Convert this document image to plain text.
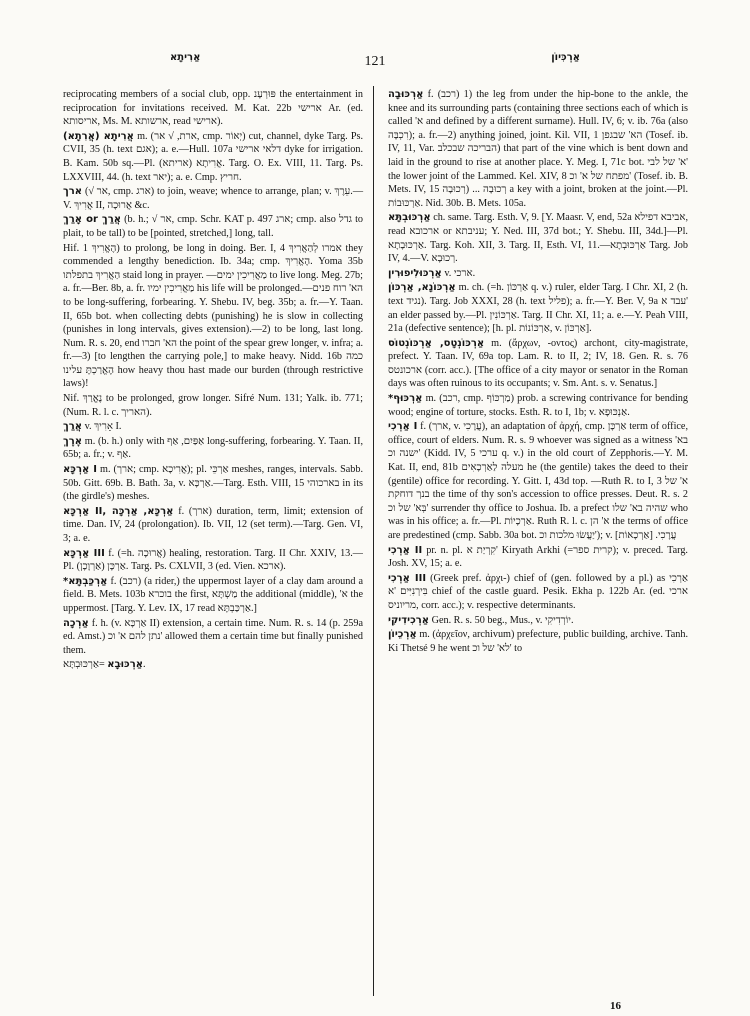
אַרִיתָא	121	אַרְכִּיוֹן

reciprocating members of a social club, opp. פּוּרְעָנ the entertainment in reciprocation for invitations received. M. Kat. 22b ארישי Ar. (ed. אריסותא, Ms. M. ארשותא, read ארישי).

אֲרִיתָא (אֲרִתָא) m. (ארת, √ אר, cmp. יְאוֹר) cut, channel, dyke Targ. Ps. CVII, 35 (h. text אגם); a. e.—Hull. 107a דלאי ארישי dyke for irrigation. B. Kam. 50b sq.—Pl. אֲרִיתָא (אריתא). Targ. O. Ex. VIII, 11. Targ. Ps. LXXVIII, 44. (h. text יאר); a. e. Cmp. חריץ.

ארך (√ אר, cmp. ארג) to join, weave; whence to arrange, plan; v. עֵרֶךְ.—V. אֲרִיךְ II, אֲרוּכָה &c.

אָרַךְ or אֲרַךְ (b. h.; √ אר, cmp. Schr. KAT p. 497 ארג; cmp. also גדל to plait, to be tall) to be [pointed, stretched,] long, tall.

Hif. הֶאֱרִיךְ 1) to prolong, be long in doing. Ber. I, 4 אמרו לְהַאֲרִיךְ they commended a lengthy benediction. Ib. 34a; cmp. הֶאֱרִיךְ. Yoma 35b הַאֲרִיךְ בתפלתו staid long in prayer. —מַאֲרִיכִין ימים to live long. Meg. 27b; a. fr.—Ber. 8b, a. fr. מַאֲרִיכִין ימיו his life will be prolonged.—הא' רוח פנים to be long-suffering, forbearing. Y. Shebu. IV, beg. 35b; a. fr.—Y. Taan. II, 65b bot. when collecting debts (punishing) he is slow in collecting (punishes in long intervals, gives extension).—2) to be long, last long. Num. R. s. 20, end הא' חברו the point of the spear grew longer, v. infra; a. fr.—3) [to lengthen the carrying pole,] to make heavy. Nidd. 16b כמה הֶאֱרַכְתָּ עלינו how heavy thou hast made our burden (through restrictive laws)!

Nif. נֶאֱרַךְ to be prolonged, grow longer. Sifré Num. 131; Yalk. ib. 771; (Num. R. l. c. האריך).

אֲרַךְ v. אָרִיךְ I.

אֶרֶךְ m. (b. h.) only with אַפַּיִם, אַף long-suffering, forbearing. Y. Taan. II, 65b; a. fr.; v. אַף.

אַרְכָּא I m. (ארך; cmp. אֲרִיכָא); pl. אַרְכֵּי meshes, ranges, intervals. Sabb. 50b. Gitt. 69b. B. Bath. 3a, v. אַרְכָּא.—Targ. Esth. VIII, 15 בארכוהי in its (the girdle's) meshes.

אַרְכָּא II, אַרְכָּא, אַרְכָּה f. (ארך) duration, term, limit; extension of time. Dan. IV, 24 (prolongation). Ib. VII, 12 (set term).—Targ. Gen. VI, 3; a. e.

אַרְכָּא III f. (=h. אֲרוּכָה) healing, restoration. Targ. II Chr. XXIV, 13.—Pl. אַרְכָּן (אַרְוָכָן). Targ. Ps. CXLVII, 3 (ed. Vien. ארכא).

*אַרְכַּבְתָּא f. (רכב) (a rider,) the uppermost layer of a clay dam around a field. B. Mets. 103b בוכרא the first, מַשְׁתָּא the additional (middle), 'א the uppermost. [Targ. Y. Lev. IX, 17 read אַרְכַּבְתָּא.]

אַרְכָה f. h. (v. אַרְכָּא II) extension, a certain time. Num. R. s. 14 (p. 259a ed. Amst.) נתן להם א' וכ' allowed them a certain time but finally punished them.

אַרְכּוּבָא =אַרְכּוּבְתָּא.

אַרְכּוּבָה f. (רכב) 1) the leg from under the hip-bone to the ankle, the knee and its surrounding parts (containing three sections each of which is called 'א and defined by a different surname). Hull. IV, 6; v. ib. 76a (also רִכְבָּה); a. fr.—2) anything joined, joint. Kil. VII, 1 הא' שבגפן (Tosef. ib. IV, 11, Var. הבריכה שבכלב) that part of the vine which is bent down and laid in the ground to rise at another place. Y. Meg. I, 71c bot. א' של לבי' the lower joint of the Lammed. Kel. XIV, 8 מפתח של א' וכ' (Tosef. ib. B. Mets. IV, 15 רְכוּבָה ... (רְכוּבָה a key with a joint, broken at the joint.—Pl. אַרְכּוּבוֹת. Nid. 30b. B. Mets. 105a.

אַרְכּוּבְתָּא ch. same. Targ. Esth. V, 9. [Y. Maasr. V, end, 52a אביבא דפילא, read ארכובא or עניבתא; Y. Ned. III, 37d bot.; Y. Shebu. III, 34d.]—Pl. אַרְכּוּבָתָא. Targ. Koh. XII, 3. Targ. II, Esth. VI, 11.—אַרְכּוּבְתָא Targ. Job IV, 4.—V. רְכוּבָא.

אַרְכּוּלִיפוּרִין v. ארכי.

אַרְכּוֹנָא, אַרְכּוֹן m. ch. (=h. אַרְכּוֹן q. v.) ruler, elder Targ. I Chr. XI, 2 (h. text נגיד). Targ. Job XXXI, 28 (h. text פליל); a. fr.—Y. Ber. V, 9a עבד א' an elder passed by.—Pl. אַרְכּוֹנִין. Targ. II Chr. XI, 11; a. e.—Y. Peah VIII, 21a (defective sentence); [h. pl. אַרְכּוֹנוֹת, v. אַרְכּוֹן].

אַרְכּוֹנְטָס, אַרְכּוֹנְטוֹס m. (ἄρχων, -οντος) archont, city-magistrate, prefect. Y. Taan. IV, 69a top. Lam. R. to II, 2; IV, 18. Gen. R. s. 76 ארכונטס (corr. acc.). [The office of a city mayor or senator in the Roman days was often ruinous to its occupants; v. Sm. Ant. s. v. Senatus.]

*אַרְכּוּף m. (רכב, cmp. מַרְכּוֹף) prob. a screwing contrivance for bending wood; engine of torture, stocks. Esth. R. to I, 1b; v. אַנְכּוּפָא.

אַרְכִי I f. (ארך, v. עֲרָכִי), an adaptation of ἀρχή, cmp. אַרְכָּן term of office, office, court of elders. Num. R. s. 9 whoever was signed as a witness בא' ישנה וכ' (Kidd. IV, 5 ערכי q. v.) in the old court of Zepphoris.—Y. M. Kat. II, end, 81b מעלה לַאַרְכָאִים he (the gentile) takes the deed to their (gentile) office for recording. Y. Gitt. I, 43d top. —Ruth R. to I, 3 א' של בנך דוחקת the time of thy son's accession to office presses. Deut. R. s. 2 בְּא' של וכ' surrender thy office to Joshua. Ib. a prefect שהיה בא' שלו who was in his office; a. fr.—Pl. אַרְכָיוֹת. Ruth R. l. c. א' הן the terms of office are predestined (cmp. Sabb. 30a bot. יַעֲשׂוּ מלכות וכ'); v. עֲרָכִי. [אַרְכָאוֹת]

אַרְכִי II pr. n. pl. קִרְיַת א' Kiryath Arkhi (=קרית ספר); v. preced. Targ. Josh. XV, 15; a. e.

אַרְכִי III (Greek pref. ἀρχι-) chief of (gen. followed by a pl.) as אַרְכִי בִּירְנִיִּים 'א chief of the castle guard. Pesik. Ekha p. 122b Ar. (ed. ארכי מריוניס, corr. acc.); v. respective determinants.

אַרְכִידִיקִי Gen. R. s. 50 beg., Mus., v. יוֹרְדִיקִי.

אַרְכֵיוֹן m. (ἀρχεῖον, archivum) prefecture, public building, archive. Tanh. Ki Thetsé 9 he went לא' של וכ' to

16
